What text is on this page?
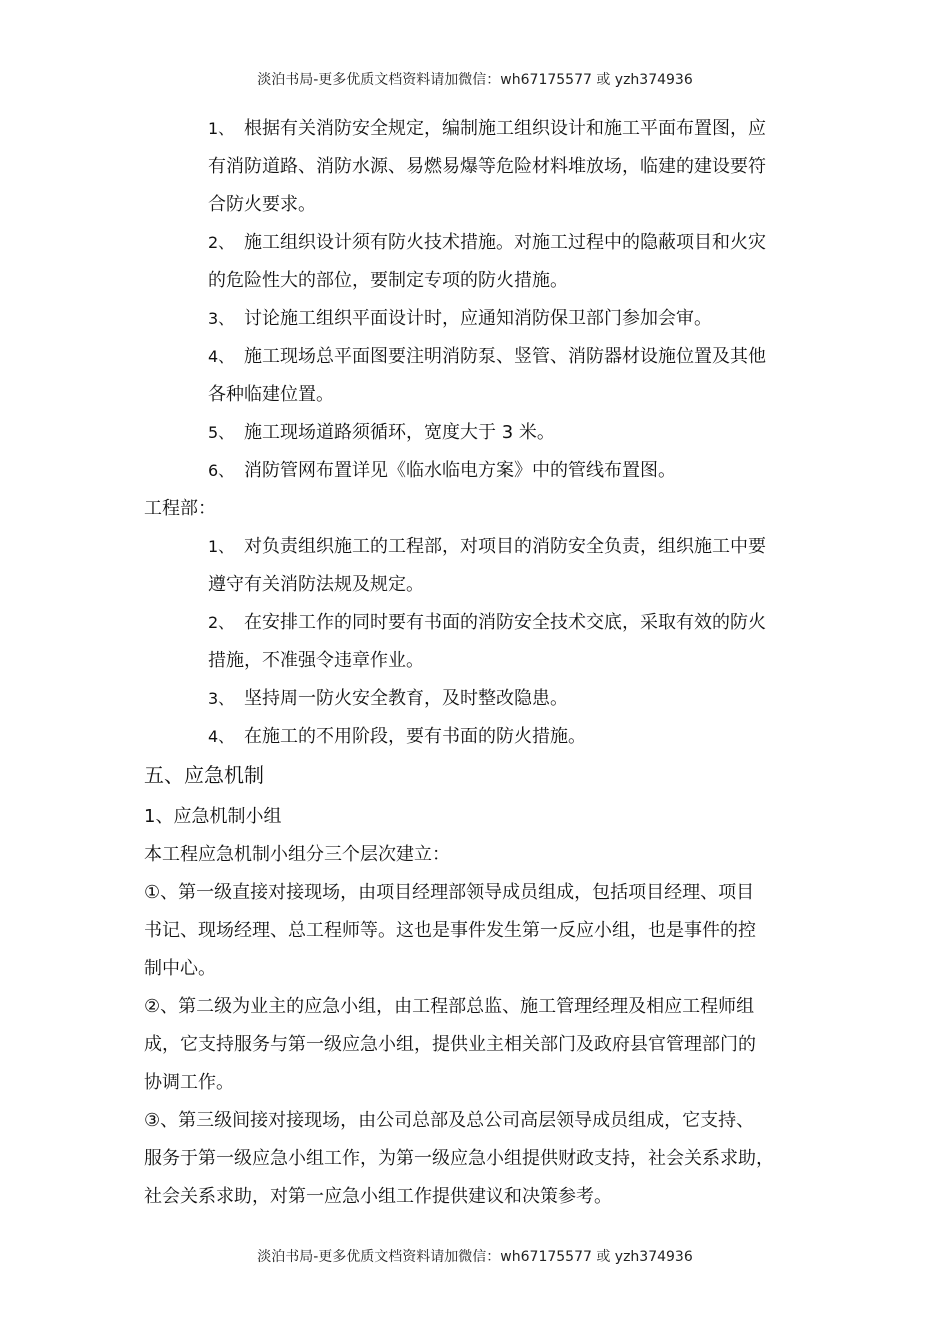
淡泊书局-更多优质文档资料请加微信：wh67175577 或 yzh374936
1、 根据有关消防安全规定，编制施工组织设计和施工平面布置图，应
有消防道路、消防水源、易燃易爆等危险材料堆放场，临建的建设要符
合防火要求。
2、 施工组织设计须有防火技术措施。对施工过程中的隐蔽项目和火灾
的危险性大的部位，要制定专项的防火措施。
3、 讨论施工组织平面设计时，应通知消防保卫部门参加会审。
4、 施工现场总平面图要注明消防泵、竖管、消防器材设施位置及其他
各种临建位置。
5、 施工现场道路须循环，宽度大于 3 米。
6、 消防管网布置详见《临水临电方案》中的管线布置图。
工程部：
1、 对负责组织施工的工程部，对项目的消防安全负责，组织施工中要
遵守有关消防法规及规定。
2、 在安排工作的同时要有书面的消防安全技术交底，采取有效的防火
措施，不准强令违章作业。
3、 坚持周一防火安全教育，及时整改隐患。
4、 在施工的不用阶段，要有书面的防火措施。
五、应急机制
1、应急机制小组
本工程应急机制小组分三个层次建立：
①、第一级直接对接现场，由项目经理部领导成员组成，包括项目经理、项目
书记、现场经理、总工程师等。这也是事件发生第一反应小组，也是事件的控
制中心。
②、第二级为业主的应急小组，由工程部总监、施工管理经理及相应工程师组
成，它支持服务与第一级应急小组，提供业主相关部门及政府县官管理部门的
协调工作。
③、第三级间接对接现场，由公司总部及总公司高层领导成员组成，它支持、
服务于第一级应急小组工作，为第一级应急小组提供财政支持，社会关系求助，
社会关系求助，对第一应急小组工作提供建议和决策参考。
淡泊书局-更多优质文档资料请加微信：wh67175577 或 yzh374936
